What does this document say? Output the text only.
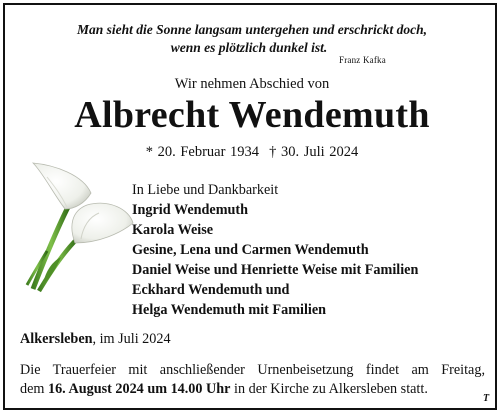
Man sieht die Sonne langsam untergehen und erschrickt doch,
wenn es plötzlich dunkel ist.
Franz Kafka
Wir nehmen Abschied von
Albrecht Wendemuth
* 20. Februar 1934 † 30. Juli 2024
In Liebe und Dankbarkeit
Ingrid Wendemuth
Karola Weise
Gesine, Lena und Carmen Wendemuth
Daniel Weise und Henriette Weise mit Familien
Eckhard Wendemuth und
Helga Wendemuth mit Familien
Alkersleben, im Juli 2024
Die Trauerfeier mit anschließender Urnenbeisetzung findet am Freitag,
dem 16. August 2024 um 14.00 Uhr in der Kirche zu Alkersleben statt.
T
